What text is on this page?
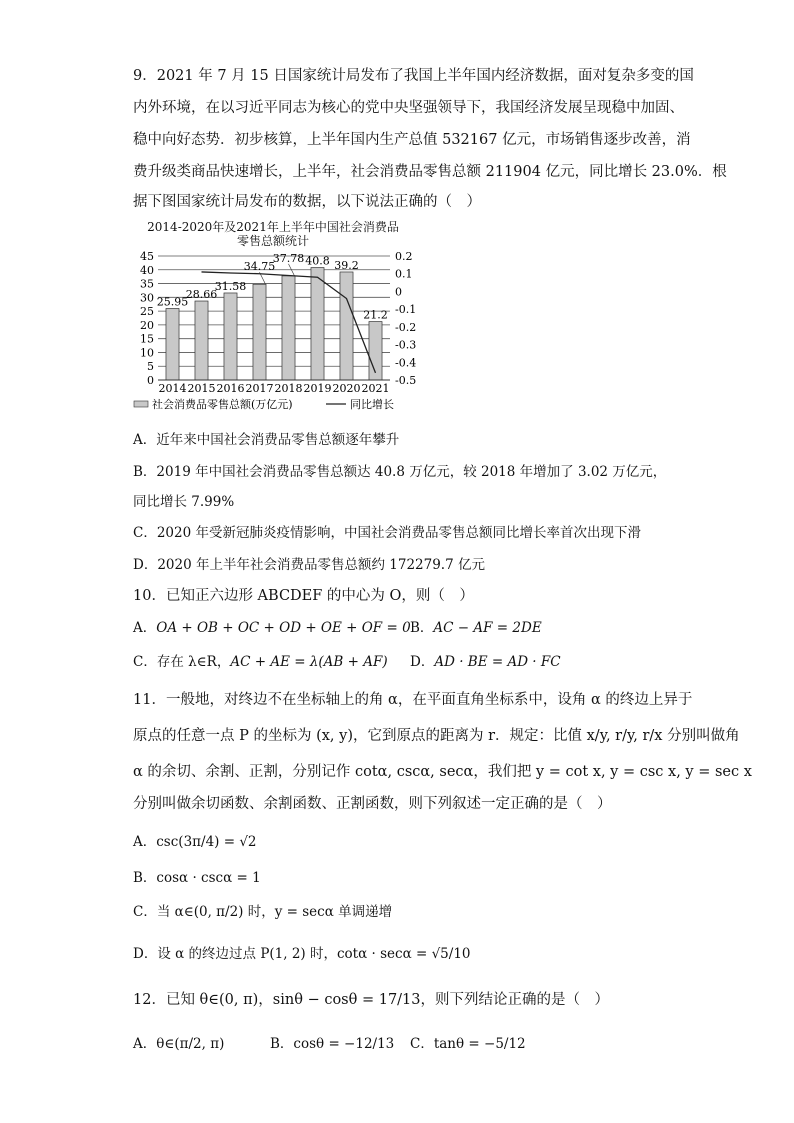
9．2021 年 7 月 15 日国家统计局发布了我国上半年国内经济数据，面对复杂多变的国
内外环境，在以习近平同志为核心的党中央坚强领导下，我国经济发展呈现稳中加固、
稳中向好态势．初步核算，上半年国内生产总值 532167 亿元，市场销售逐步改善，消
费升级类商品快速增长，上半年，社会消费品零售总额 211904 亿元，同比增长 23.0%．根
据下图国家统计局发布的数据，以下说法正确的（　）
2014-2020年及2021年上半年中国社会消费品
零售总额统计
0
5
10
15
20
25
30
35
40
45
-0.5
-0.4
-0.3
-0.2
-0.1
0
0.1
0.2
2014 2015 2016 2017 2018 2019 2020 2021
25.95
28.66
31.58
34.75
37.78 40.8 39.2
21.2
社会消费品零售总额(万亿元)	同比增长
A．近年来中国社会消费品零售总额逐年攀升
B．2019 年中国社会消费品零售总额达 40.8 万亿元，较 2018 年增加了 3.02 万亿元，
同比增长 7.99%
C．2020 年受新冠肺炎疫情影响，中国社会消费品零售总额同比增长率首次出现下滑
D．2020 年上半年社会消费品零售总额约 172279.7 亿元
10．已知正六边形 ABCDEF 的中心为 O，则（　）
A．OA + OB + OC + OD + OE + OF = 0 B．AC − AF = 2DE
C．存在 λ∈R，AC + AE = λ(AB + AF) D．AD · BE = AD · FC
11．一般地，对终边不在坐标轴上的角 α，在平面直角坐标系中，设角 α 的终边上异于
原点的任意一点 P 的坐标为 (x, y)，它到原点的距离为 r．规定：比值 x/y, r/y, r/x 分别叫做角
α 的余切、余割、正割，分别记作 cotα, cscα, secα，我们把 y = cot x, y = csc x, y = sec x
分别叫做余切函数、余割函数、正割函数，则下列叙述一定正确的是（　）
A．csc(3π/4) = √2
B．cosα · cscα = 1
C．当 α∈(0, π/2) 时，y = secα 单调递增
D．设 α 的终边过点 P(1, 2) 时，cotα · secα = √5/10
12．已知 θ∈(0, π)，sinθ − cosθ = 17/13，则下列结论正确的是（　）
A．θ∈(π/2, π)	B．cosθ = −12/13 C．tanθ = −5/12
